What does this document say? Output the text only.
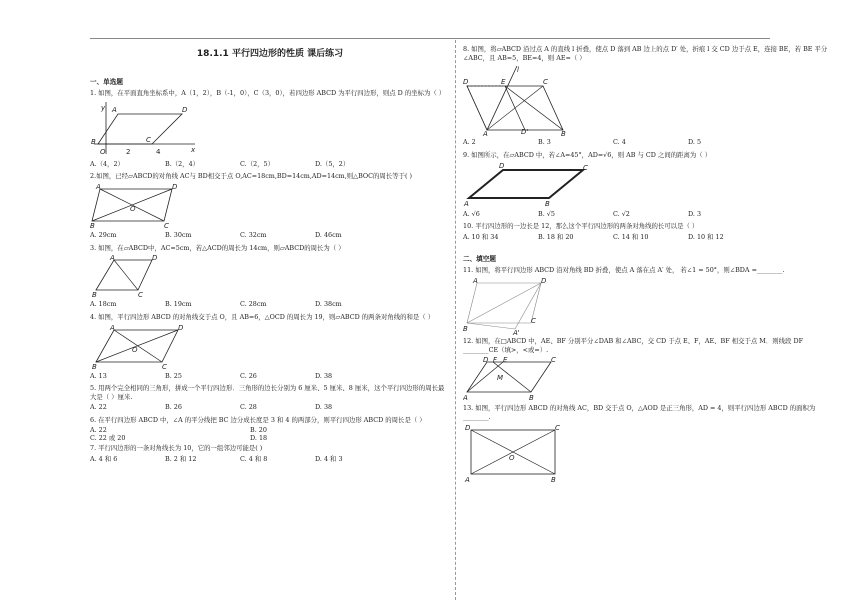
18.1.1 平行四边形的性质 课后练习
一、单选题
1. 如图，在平面直角坐标系中，A（1，2），B（-1，0），C（3，0），若四边形 ABCD 为平行四边形，则点 D 的坐标为（ ）
y
x
A	D
B	C
O	2	4
A.（4，2）	B.（2，4）	C.（2，5）	D.（5，2）
2.如图，已经▱ABCD的对角线 AC与 BD相交于点 O,AC=18cm,BD=14cm,AD=14cm,则△BOC的周长等于( )
A	D
B	C
O
A. 29cm	B. 30cm	C. 32cm	D. 46cm
3. 如图，在▱ABCD中，AC=5cm，若△ACD的周长为 14cm，则▱ABCD的周长为（ ）
A	D
B	C
A. 18cm	B. 19cm	C. 28cm	D. 38cm
4. 如图，平行四边形 ABCD 的对角线交于点 O，且 AB=6，△OCD 的周长为 19，则▱ABCD 的两条对角线的和是（ ）
A	D
B	C
O
A. 13	B. 25	C. 26	D. 38
5. 用两个完全相同的三角形，拼成一个平行四边形．三角形的边长分别为 6 厘米、5 厘米、8 厘米，这个平行四边形的周长最大是（ ）厘米.
A. 22	B. 26	C. 28	D. 38
6. 在平行四边形 ABCD 中，∠A 的平分线把 BC 边分成长度是 3 和 4 的两部分，则平行四边形 ABCD 的周长是（ ）
A. 22	B. 20
C. 22 或 20	D. 18
7. 平行四边形的一条对角线长为 10，它的一组邻边可能是( )
A. 4 和 6	B. 2 和 12	C. 4 和 8	D. 4 和 3
8. 如图，将▱ABCD 沿过点 A 的直线 l 折叠，使点 D 落到 AB 边上的点 D′ 处，折痕 l 交 CD 边于点 E，连接 BE，若 BE 平分∠ABC，且 AB=5，BE=4，则 AE=（ ）
l
D	E	C
A	D'	B
A. 2	B. 3	C. 4	D. 5
9. 如图所示，在▱ABCD 中，若∠A=45°，AD=√6，则 AB 与 CD 之间的距离为（ ）
D	C
A	B
A. √6	B. √5	C. √2	D. 3
10. 平行四边形的一边长是 12，那么这个平行四边形的两条对角线的长可以是（ ）
A. 10 和 34	B. 18 和 20	C. 14 和 10	D. 10 和 12
二、填空题
11. 如图，将平行四边形 ABCD 沿对角线 BD 折叠，使点 A 落在点 A′ 处， 若∠1 = 50°，则∠BDA =________.
A	D
B
C
A'
12. 如图，在□ABCD 中，AE、BF 分别平分∠DAB 和∠ABC，交 CD 于点 E、F，AE、BF 相交于点 M．则线段 DF ________CE（填>，<或=）.
D F E	C
A	B
M
13. 如图，平行四边形 ABCD 的对角线 AC，BD 交于点 O，△AOD 是正三角形，AD = 4，则平行四边形 ABCD 的面积为________.
D	C
A	B
O
